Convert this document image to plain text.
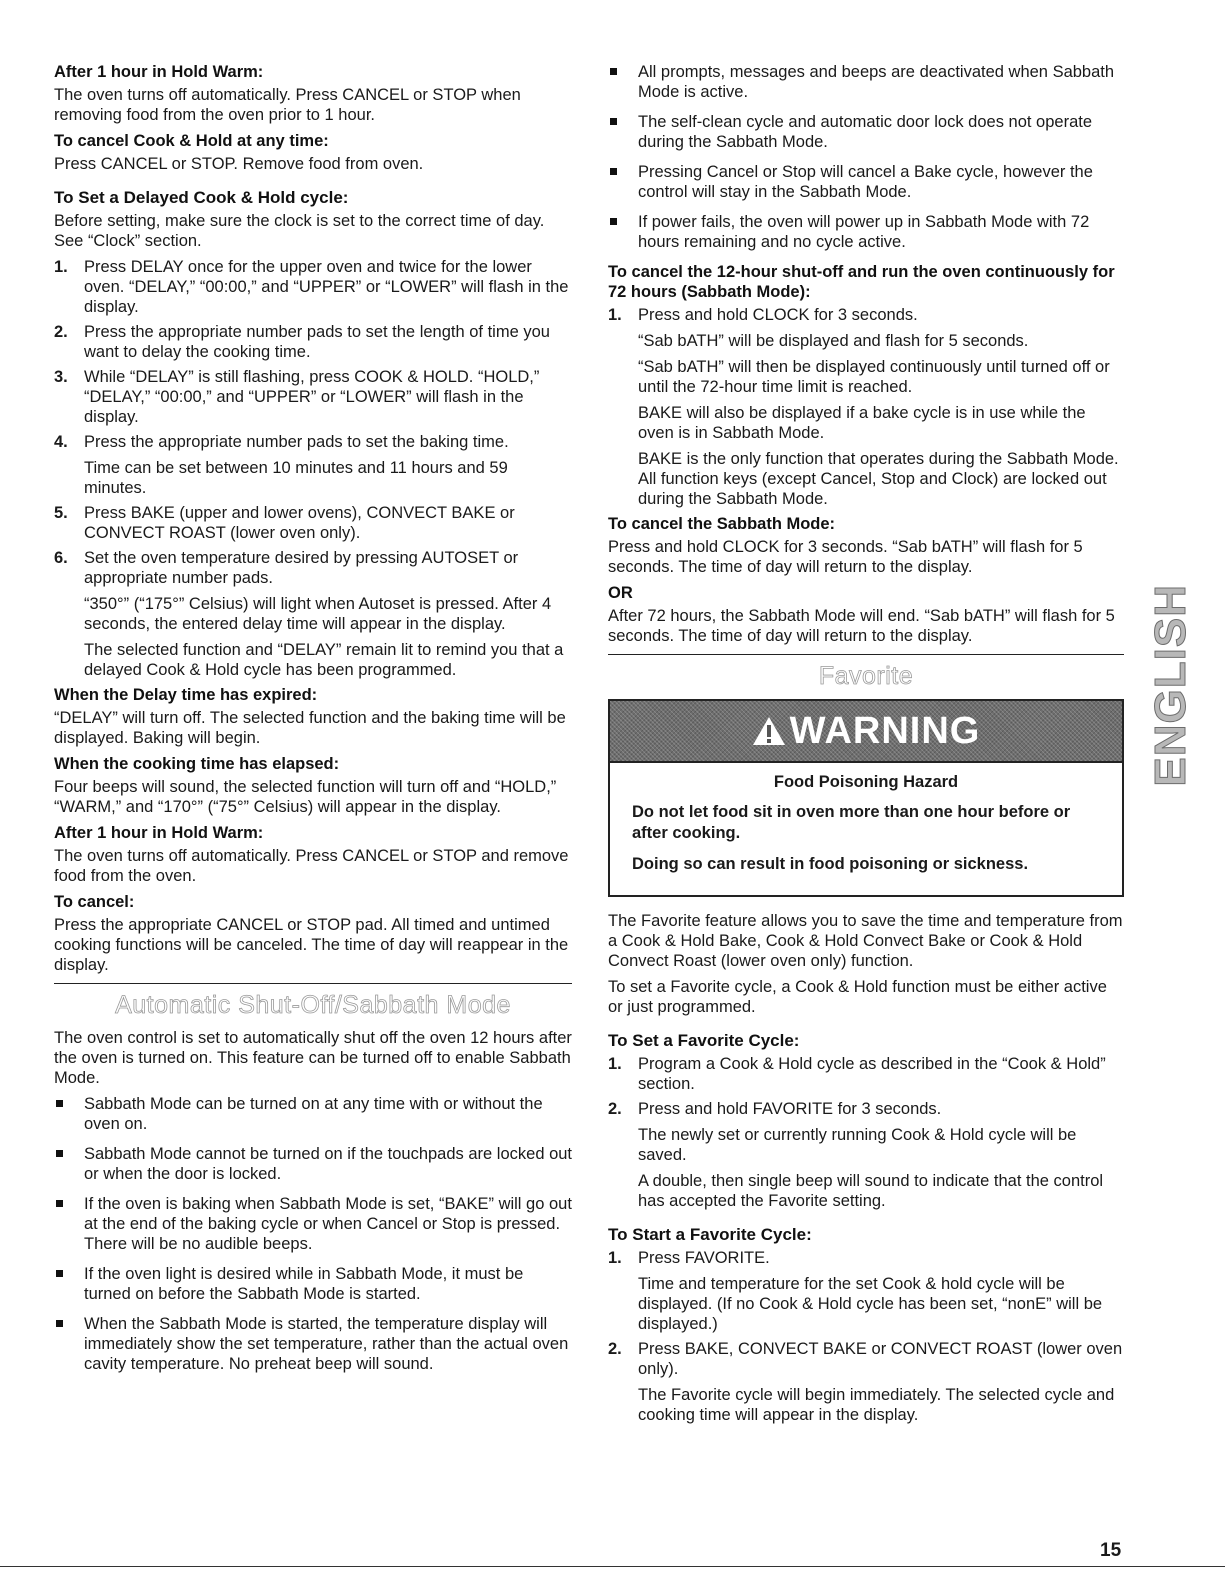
After 1 hour in Hold Warm:

The oven turns off automatically. Press CANCEL or STOP when removing food from the oven prior to 1 hour.

To cancel Cook & Hold at any time:

Press CANCEL or STOP. Remove food from oven.

To Set a Delayed Cook & Hold cycle:

Before setting, make sure the clock is set to the correct time of day. See “Clock” section.

1. Press DELAY once for the upper oven and twice for the lower oven. “DELAY,” “00:00,” and “UPPER” or “LOWER” will flash in the display.
2. Press the appropriate number pads to set the length of time you want to delay the cooking time.
3. While “DELAY” is still flashing, press COOK & HOLD. “HOLD,” “DELAY,” “00:00,” and “UPPER” or “LOWER” will flash in the display.
4. Press the appropriate number pads to set the baking time.
Time can be set between 10 minutes and 11 hours and 59 minutes.
5. Press BAKE (upper and lower ovens), CONVECT BAKE or CONVECT ROAST (lower oven only).
6. Set the oven temperature desired by pressing AUTOSET or appropriate number pads.
“350°” (“175°” Celsius) will light when Autoset is pressed. After 4 seconds, the entered delay time will appear in the display.
The selected function and “DELAY” remain lit to remind you that a delayed Cook & Hold cycle has been programmed.
When the Delay time has expired:

“DELAY” will turn off. The selected function and the baking time will be displayed. Baking will begin.

When the cooking time has elapsed:

Four beeps will sound, the selected function will turn off and “HOLD,” “WARM,” and “170°” (“75°” Celsius) will appear in the display.

After 1 hour in Hold Warm:

The oven turns off automatically. Press CANCEL or STOP and remove food from the oven.

To cancel:

Press the appropriate CANCEL or STOP pad. All timed and untimed cooking functions will be canceled. The time of day will reappear in the display.

Automatic Shut-Off/Sabbath Mode

The oven control is set to automatically shut off the oven 12 hours after the oven is turned on. This feature can be turned off to enable Sabbath Mode.

Sabbath Mode can be turned on at any time with or without the oven on.
Sabbath Mode cannot be turned on if the touchpads are locked out or when the door is locked.
If the oven is baking when Sabbath Mode is set, “BAKE” will go out at the end of the baking cycle or when Cancel or Stop is pressed. There will be no audible beeps.
If the oven light is desired while in Sabbath Mode, it must be turned on before the Sabbath Mode is started.
When the Sabbath Mode is started, the temperature display will immediately show the set temperature, rather than the actual oven cavity temperature. No preheat beep will sound.
All prompts, messages and beeps are deactivated when Sabbath Mode is active.
The self-clean cycle and automatic door lock does not operate during the Sabbath Mode.
Pressing Cancel or Stop will cancel a Bake cycle, however the control will stay in the Sabbath Mode.
If power fails, the oven will power up in Sabbath Mode with 72 hours remaining and no cycle active.
To cancel the 12-hour shut-off and run the oven continuously for 72 hours (Sabbath Mode):
1. Press and hold CLOCK for 3 seconds.
“Sab bATH” will be displayed and flash for 5 seconds.
“Sab bATH” will then be displayed continuously until turned off or until the 72-hour time limit is reached.
BAKE will also be displayed if a bake cycle is in use while the oven is in Sabbath Mode.
BAKE is the only function that operates during the Sabbath Mode. All function keys (except Cancel, Stop and Clock) are locked out during the Sabbath Mode.
To cancel the Sabbath Mode:

Press and hold CLOCK for 3 seconds. “Sab bATH” will flash for 5 seconds. The time of day will return to the display.

OR

After 72 hours, the Sabbath Mode will end. “Sab bATH” will flash for 5 seconds. The time of day will return to the display.

Favorite
WARNING
Food Poisoning Hazard
Do not let food sit in oven more than one hour before or after cooking.
Doing so can result in food poisoning or sickness.

The Favorite feature allows you to save the time and temperature from a Cook & Hold Bake, Cook & Hold Convect Bake or Cook & Hold Convect Roast (lower oven only) function.

To set a Favorite cycle, a Cook & Hold function must be either active or just programmed.

To Set a Favorite Cycle:
1. Program a Cook & Hold cycle as described in the “Cook & Hold” section.
2. Press and hold FAVORITE for 3 seconds.
The newly set or currently running Cook & Hold cycle will be saved.
A double, then single beep will sound to indicate that the control has accepted the Favorite setting.
To Start a Favorite Cycle:
1. Press FAVORITE.
Time and temperature for the set Cook & hold cycle will be displayed. (If no Cook & Hold cycle has been set, “nonE” will be displayed.)
2. Press BAKE, CONVECT BAKE or CONVECT ROAST (lower oven only).
The Favorite cycle will begin immediately. The selected cycle and cooking time will appear in the display.
ENGLISH
15
